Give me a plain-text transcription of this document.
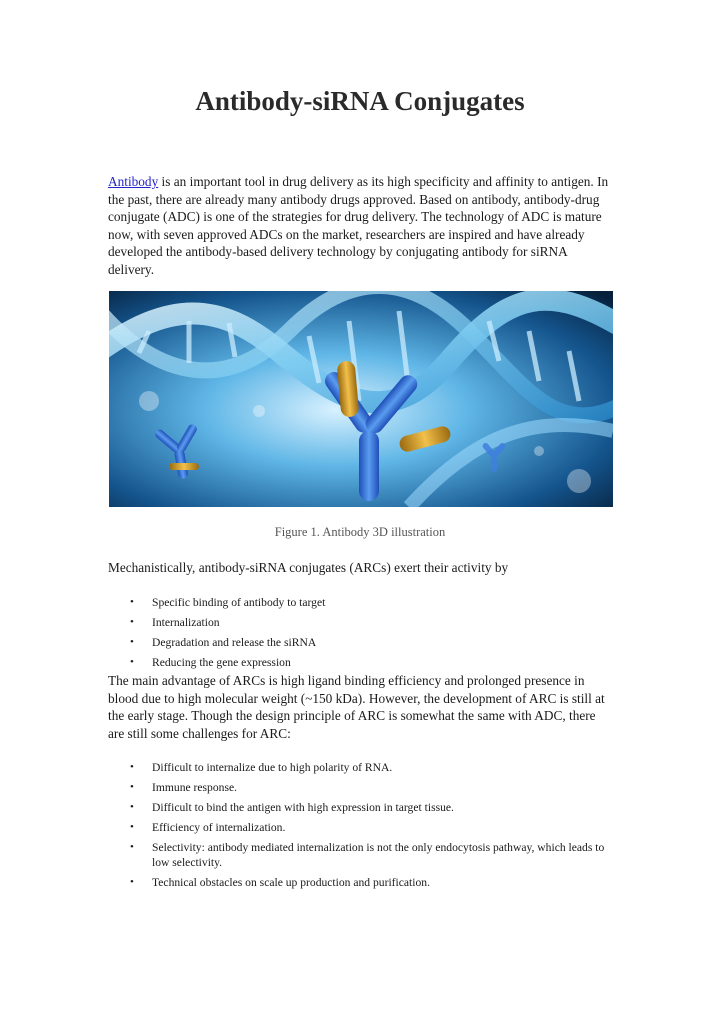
Antibody-siRNA Conjugates

Antibody is an important tool in drug delivery as its high specificity and affinity to antigen. In the past, there are already many antibody drugs approved. Based on antibody, antibody-drug conjugate (ADC) is one of the strategies for drug delivery. The technology of ADC is mature now, with seven approved ADCs on the market, researchers are inspired and have already developed the antibody-based delivery technology by conjugating antibody for siRNA delivery.

Figure 1. Antibody 3D illustration

Mechanistically, antibody-siRNA conjugates (ARCs) exert their activity by

• Specific binding of antibody to target
• Internalization
• Degradation and release the siRNA
• Reducing the gene expression

The main advantage of ARCs is high ligand binding efficiency and prolonged presence in blood due to high molecular weight (~150 kDa). However, the development of ARC is still at the early stage. Though the design principle of ARC is somewhat the same with ADC, there are still some challenges for ARC:

• Difficult to internalize due to high polarity of RNA.
• Immune response.
• Difficult to bind the antigen with high expression in target tissue.
• Efficiency of internalization.
• Selectivity: antibody mediated internalization is not the only endocytosis pathway, which leads to low selectivity.
• Technical obstacles on scale up production and purification.
